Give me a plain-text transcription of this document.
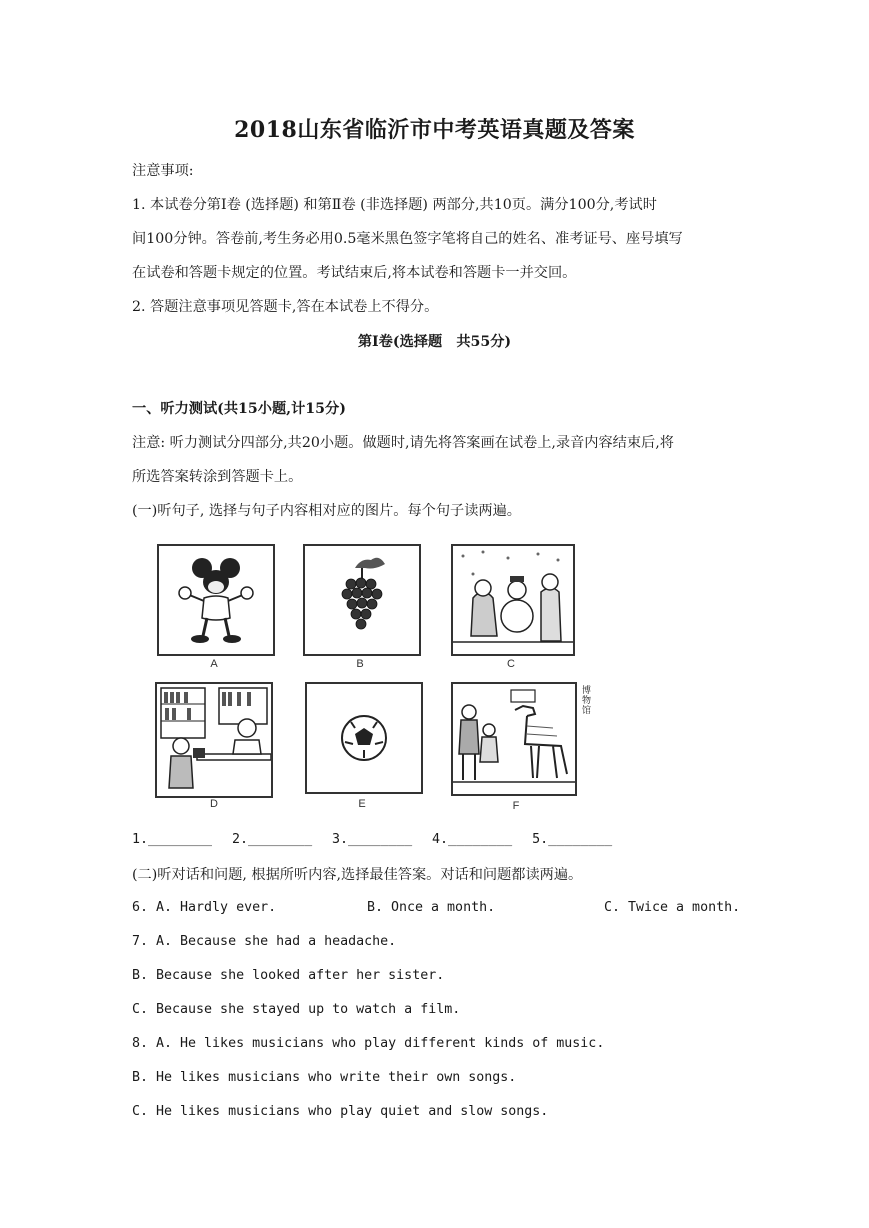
2018山东省临沂市中考英语真题及答案
注意事项:
1. 本试卷分第Ⅰ卷 (选择题) 和第Ⅱ卷 (非选择题) 两部分,共10页。满分100分,考试时
间100分钟。答卷前,考生务必用0.5毫米黑色签字笔将自己的姓名、准考证号、座号填写
在试卷和答题卡规定的位置。考试结束后,将本试卷和答题卡一并交回。
2. 答题注意事项见答题卡,答在本试卷上不得分。
第Ⅰ卷(选择题　共55分)
一、听力测试(共15小题,计15分)
注意: 听力测试分四部分,共20小题。做题时,请先将答案画在试卷上,录音内容结束后,将
所选答案转涂到答题卡上。
(一)听句子, 选择与句子内容相对应的图片。每个句子读两遍。
A	B	C
D	E	F
博物馆
1.________ 2.________ 3.________ 4.________ 5.________
(二)听对话和问题, 根据所听内容,选择最佳答案。对话和问题都读两遍。
6. A. Hardly ever.	B. Once a month.	C. Twice a month.
7. A. Because she had a headache.
B. Because she looked after her sister.
C. Because she stayed up to watch a film.
8. A. He likes musicians who play different kinds of music.
B. He likes musicians who write their own songs.
C. He likes musicians who play quiet and slow songs.
